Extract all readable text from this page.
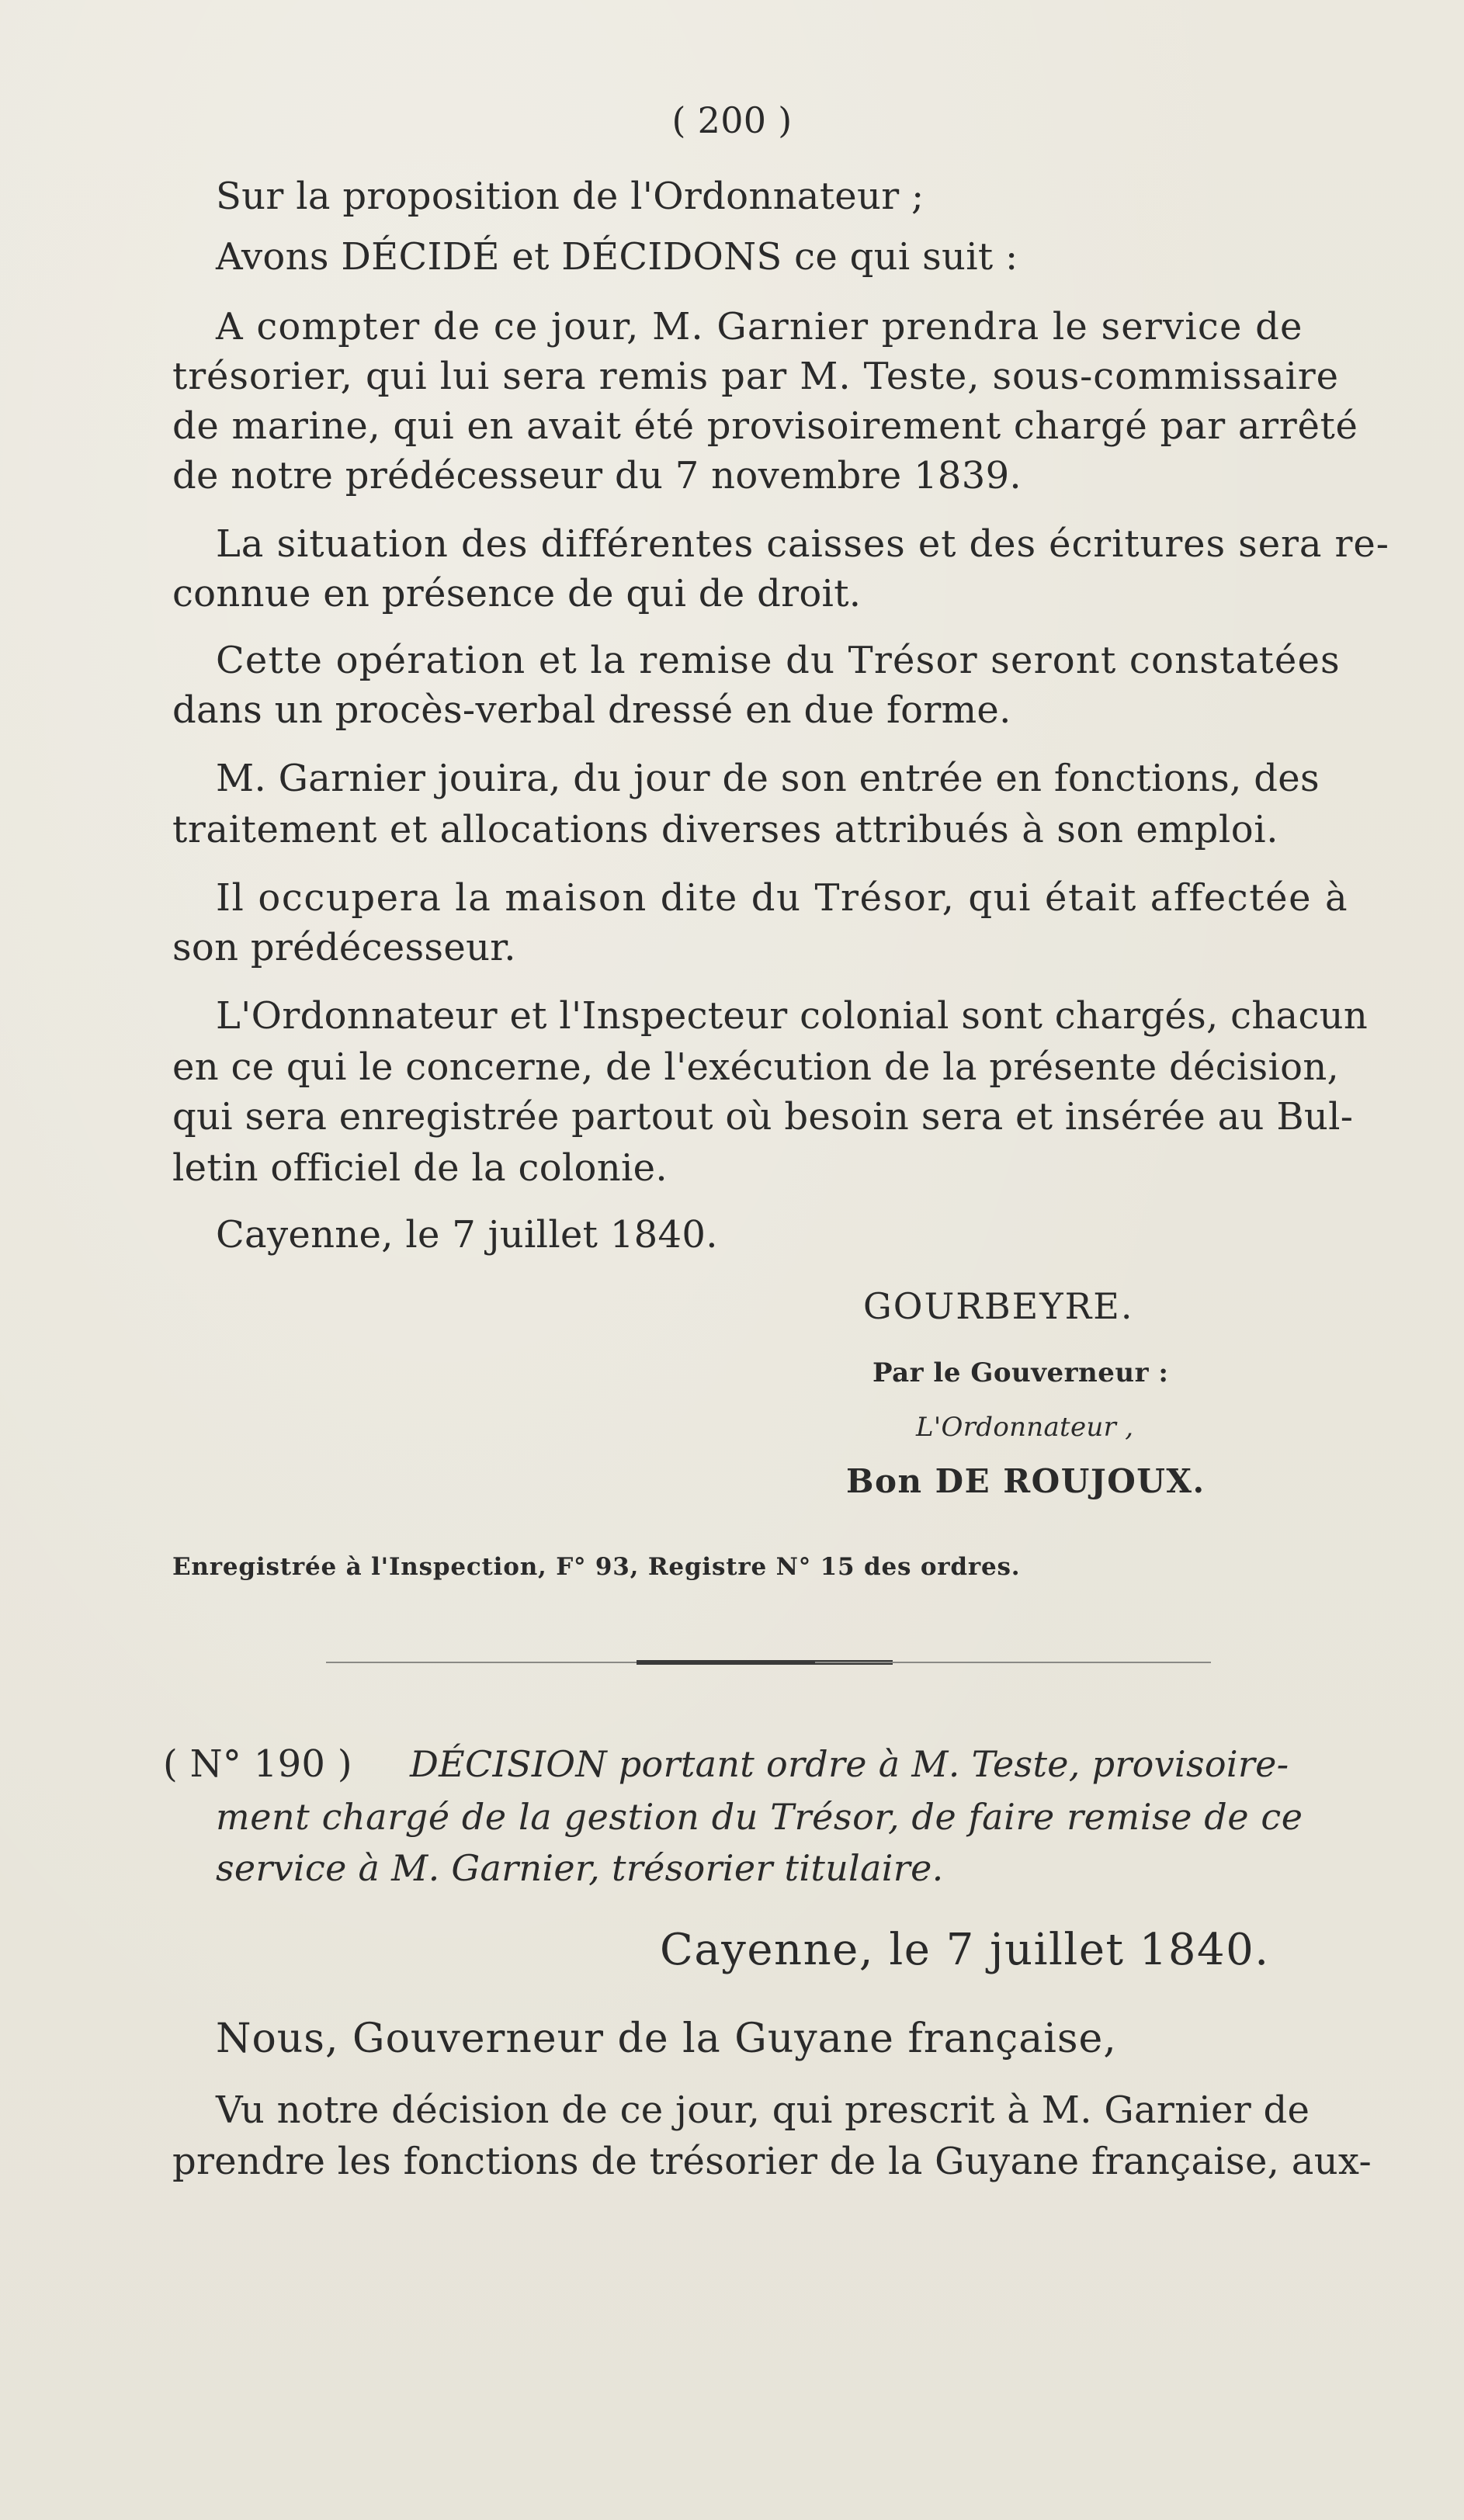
( 200 )
Sur la proposition de l'Ordonnateur ;
Avons DÉCIDÉ et DÉCIDONS ce qui suit :
A compter de ce jour, M. Garnier prendra le service de
trésorier, qui lui sera remis par M. Teste, sous-commissaire
de marine, qui en avait été provisoirement chargé par arrêté
de notre prédécesseur du 7 novembre 1839.
La situation des différentes caisses et des écritures sera re-
connue en présence de qui de droit.
Cette opération et la remise du Trésor seront constatées
dans un procès-verbal dressé en due forme.
M. Garnier jouira, du jour de son entrée en fonctions, des
traitement et allocations diverses attribués à son emploi.
Il occupera la maison dite du Trésor, qui était affectée à
son prédécesseur.
L'Ordonnateur et l'Inspecteur colonial sont chargés, chacun
en ce qui le concerne, de l'exécution de la présente décision,
qui sera enregistrée partout où besoin sera et insérée au Bul-
letin officiel de la colonie.
Cayenne, le 7 juillet 1840.
GOURBEYRE.
Par le Gouverneur :
L'Ordonnateur ,
Bon DE ROUJOUX.
Enregistrée à l'Inspection, F° 93, Registre N° 15 des ordres.
( N° 190 ) DÉCISION portant ordre à M. Teste, provisoire-
ment chargé de la gestion du Trésor, de faire remise de ce
service à M. Garnier, trésorier titulaire.
Cayenne, le 7 juillet 1840.
Nous, Gouverneur de la Guyane française,
Vu notre décision de ce jour, qui prescrit à M. Garnier de
prendre les fonctions de trésorier de la Guyane française, aux-
